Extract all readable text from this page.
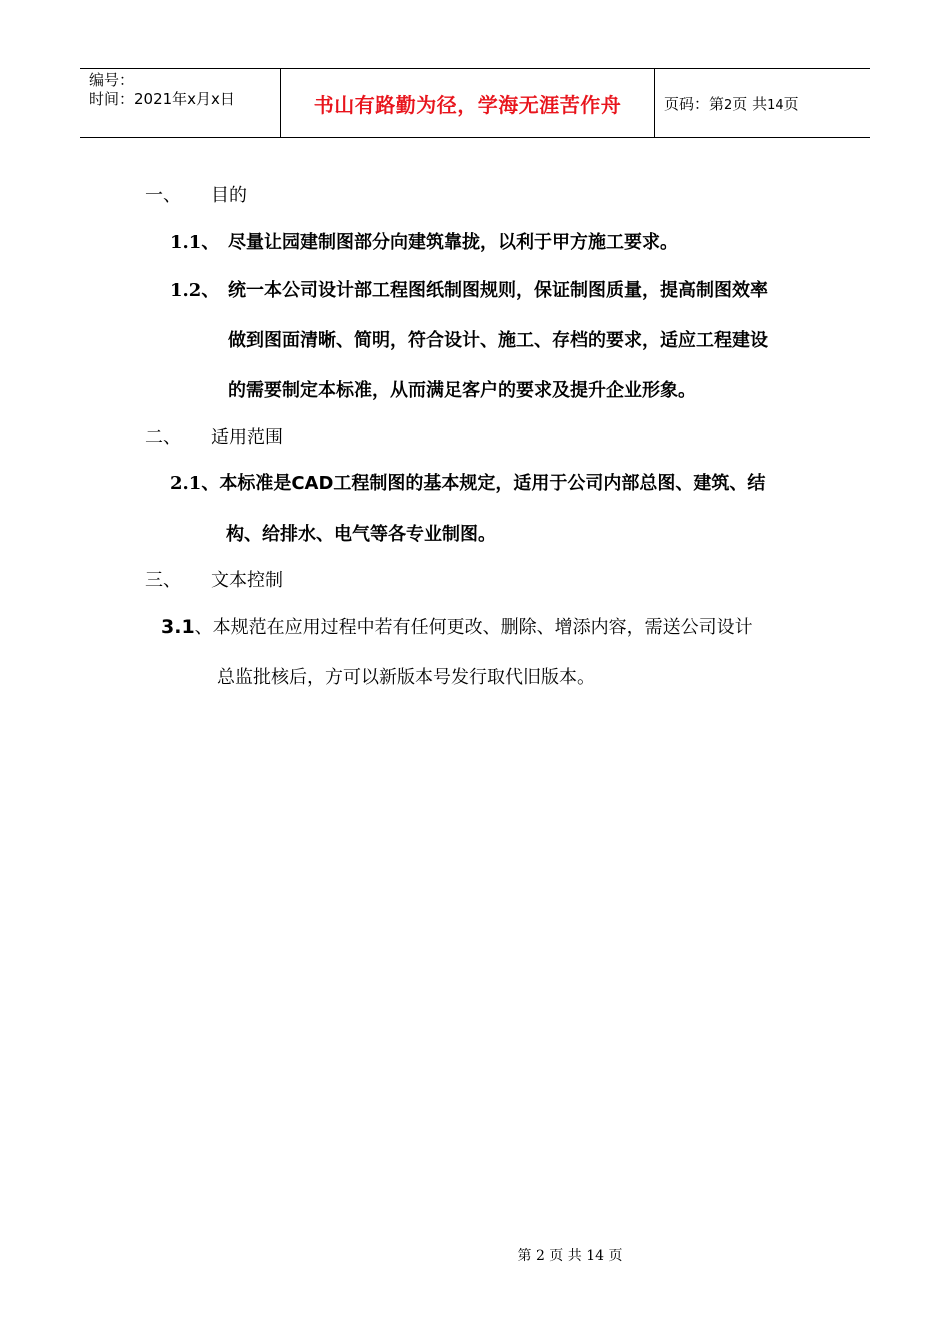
编号：
时间：2021年x月x日	书山有路勤为径，学海无涯苦作舟	页码：第2页 共14页
一、 目的
1.1、 尽量让园建制图部分向建筑靠拢，以利于甲方施工要求。
1.2、 统一本公司设计部工程图纸制图规则，保证制图质量，提高制图效率
做到图面清晰、简明，符合设计、施工、存档的要求，适应工程建设
的需要制定本标准，从而满足客户的要求及提升企业形象。
二、 适用范围
2.1、本标准是CAD工程制图的基本规定，适用于公司内部总图、建筑、结
构、给排水、电气等各专业制图。
三、 文本控制
3.1、本规范在应用过程中若有任何更改、删除、增添内容，需送公司设计
总监批核后，方可以新版本号发行取代旧版本。
第 2 页 共 14 页
